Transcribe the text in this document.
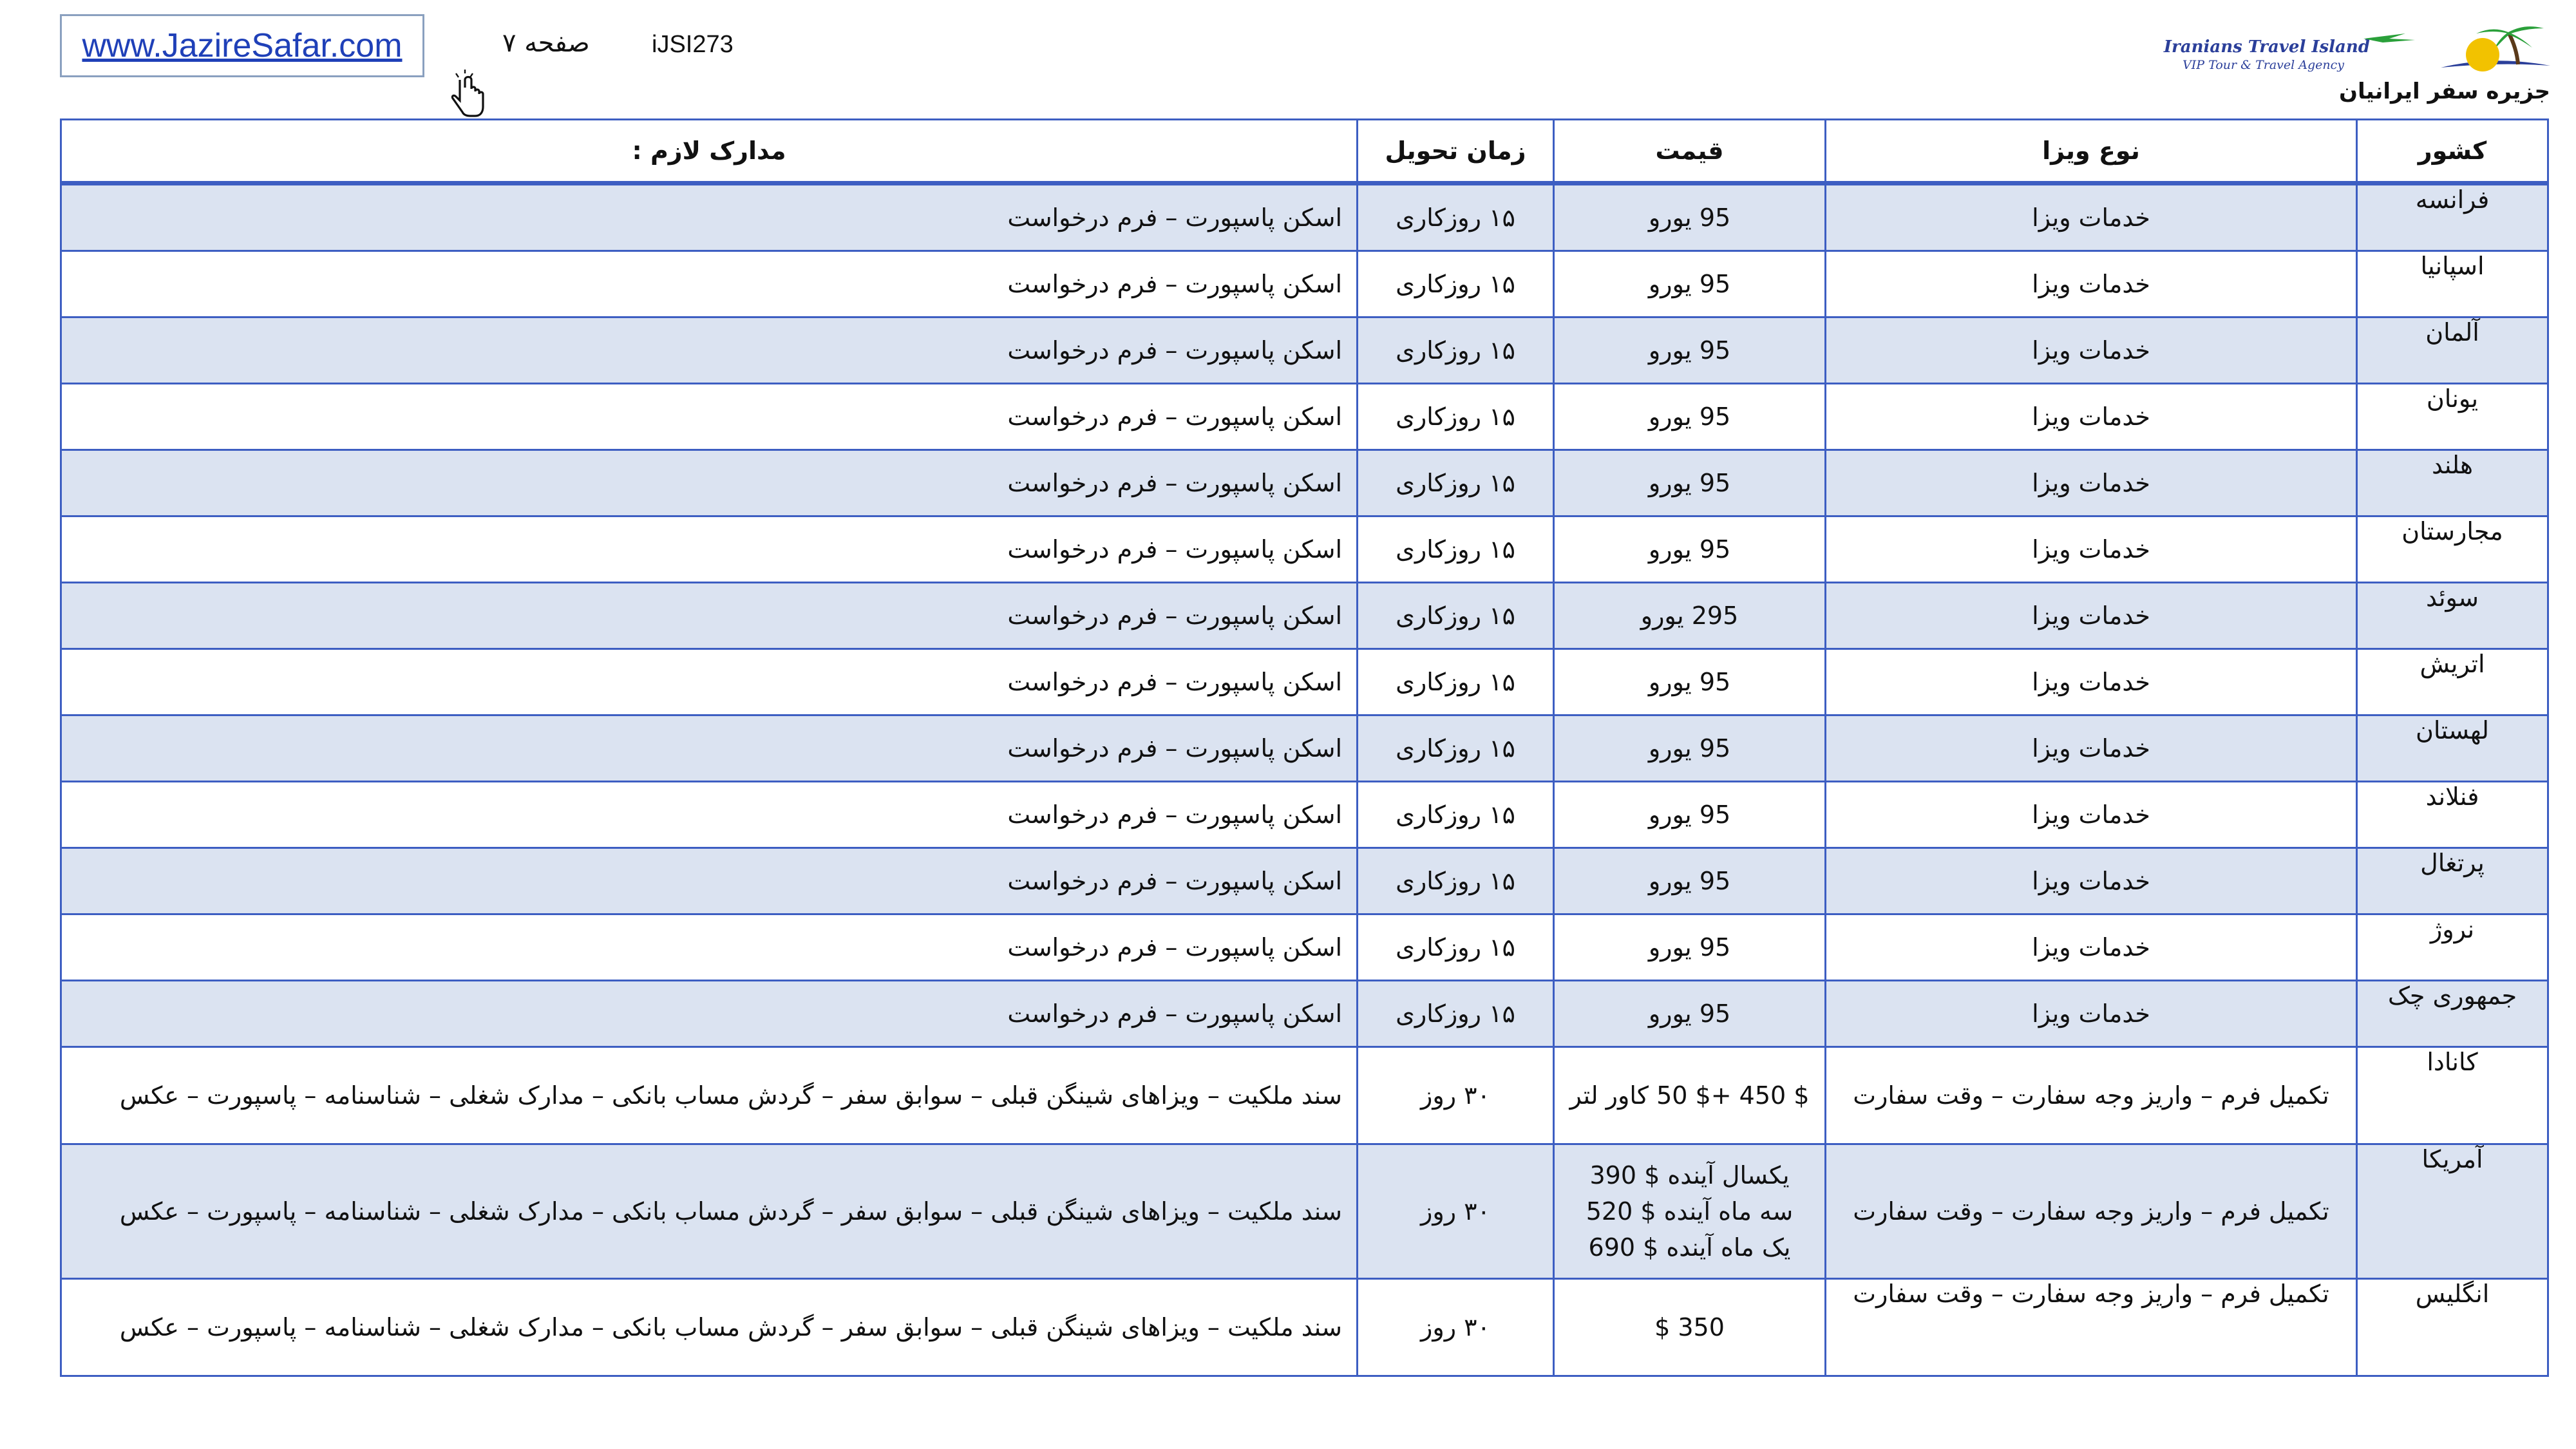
www.JazireSafar.com	صفحه ۷	iJSI273	Iranians Travel Island
VIP Tour & Travel Agency
جزیره سفر ایرانیان
کشور	نوع ویزا	قیمت	زمان تحویل	مدارک لازم :
فرانسه	خدمات ویزا	95 یورو	۱۵ روزکاری	اسکن پاسپورت – فرم درخواست
اسپانیا	خدمات ویزا	95 یورو	۱۵ روزکاری	اسکن پاسپورت – فرم درخواست
آلمان	خدمات ویزا	95 یورو	۱۵ روزکاری	اسکن پاسپورت – فرم درخواست
یونان	خدمات ویزا	95 یورو	۱۵ روزکاری	اسکن پاسپورت – فرم درخواست
هلند	خدمات ویزا	95 یورو	۱۵ روزکاری	اسکن پاسپورت – فرم درخواست
مجارستان	خدمات ویزا	95 یورو	۱۵ روزکاری	اسکن پاسپورت – فرم درخواست
سوئد	خدمات ویزا	295 یورو	۱۵ روزکاری	اسکن پاسپورت – فرم درخواست
اتریش	خدمات ویزا	95 یورو	۱۵ روزکاری	اسکن پاسپورت – فرم درخواست
لهستان	خدمات ویزا	95 یورو	۱۵ روزکاری	اسکن پاسپورت – فرم درخواست
فنلاند	خدمات ویزا	95 یورو	۱۵ روزکاری	اسکن پاسپورت – فرم درخواست
پرتغال	خدمات ویزا	95 یورو	۱۵ روزکاری	اسکن پاسپورت – فرم درخواست
نروژ	خدمات ویزا	95 یورو	۱۵ روزکاری	اسکن پاسپورت – فرم درخواست
جمهوری چک	خدمات ویزا	95 یورو	۱۵ روزکاری	اسکن پاسپورت – فرم درخواست
کانادا	تکمیل فرم – واریز وجه سفارت – وقت سفارت	$ 450 +$ 50 کاور لتر	۳۰ روز	سند ملکیت – ویزاهای شینگن قبلی – سوابق سفر – گردش مساب بانکی – مدارک شغلی – شناسنامه – پاسپورت – عکس
آمریکا	تکمیل فرم – واریز وجه سفارت – وقت سفارت	یکسال آینده $ 390
سه ماه آینده $ 520
یک ماه آینده $ 690	۳۰ روز	سند ملکیت – ویزاهای شینگن قبلی – سوابق سفر – گردش مساب بانکی – مدارک شغلی – شناسنامه – پاسپورت – عکس
انگلیس	تکمیل فرم – واریز وجه سفارت – وقت سفارت	350 $	۳۰ روز	سند ملکیت – ویزاهای شینگن قبلی – سوابق سفر – گردش مساب بانکی – مدارک شغلی – شناسنامه – پاسپورت – عکس
